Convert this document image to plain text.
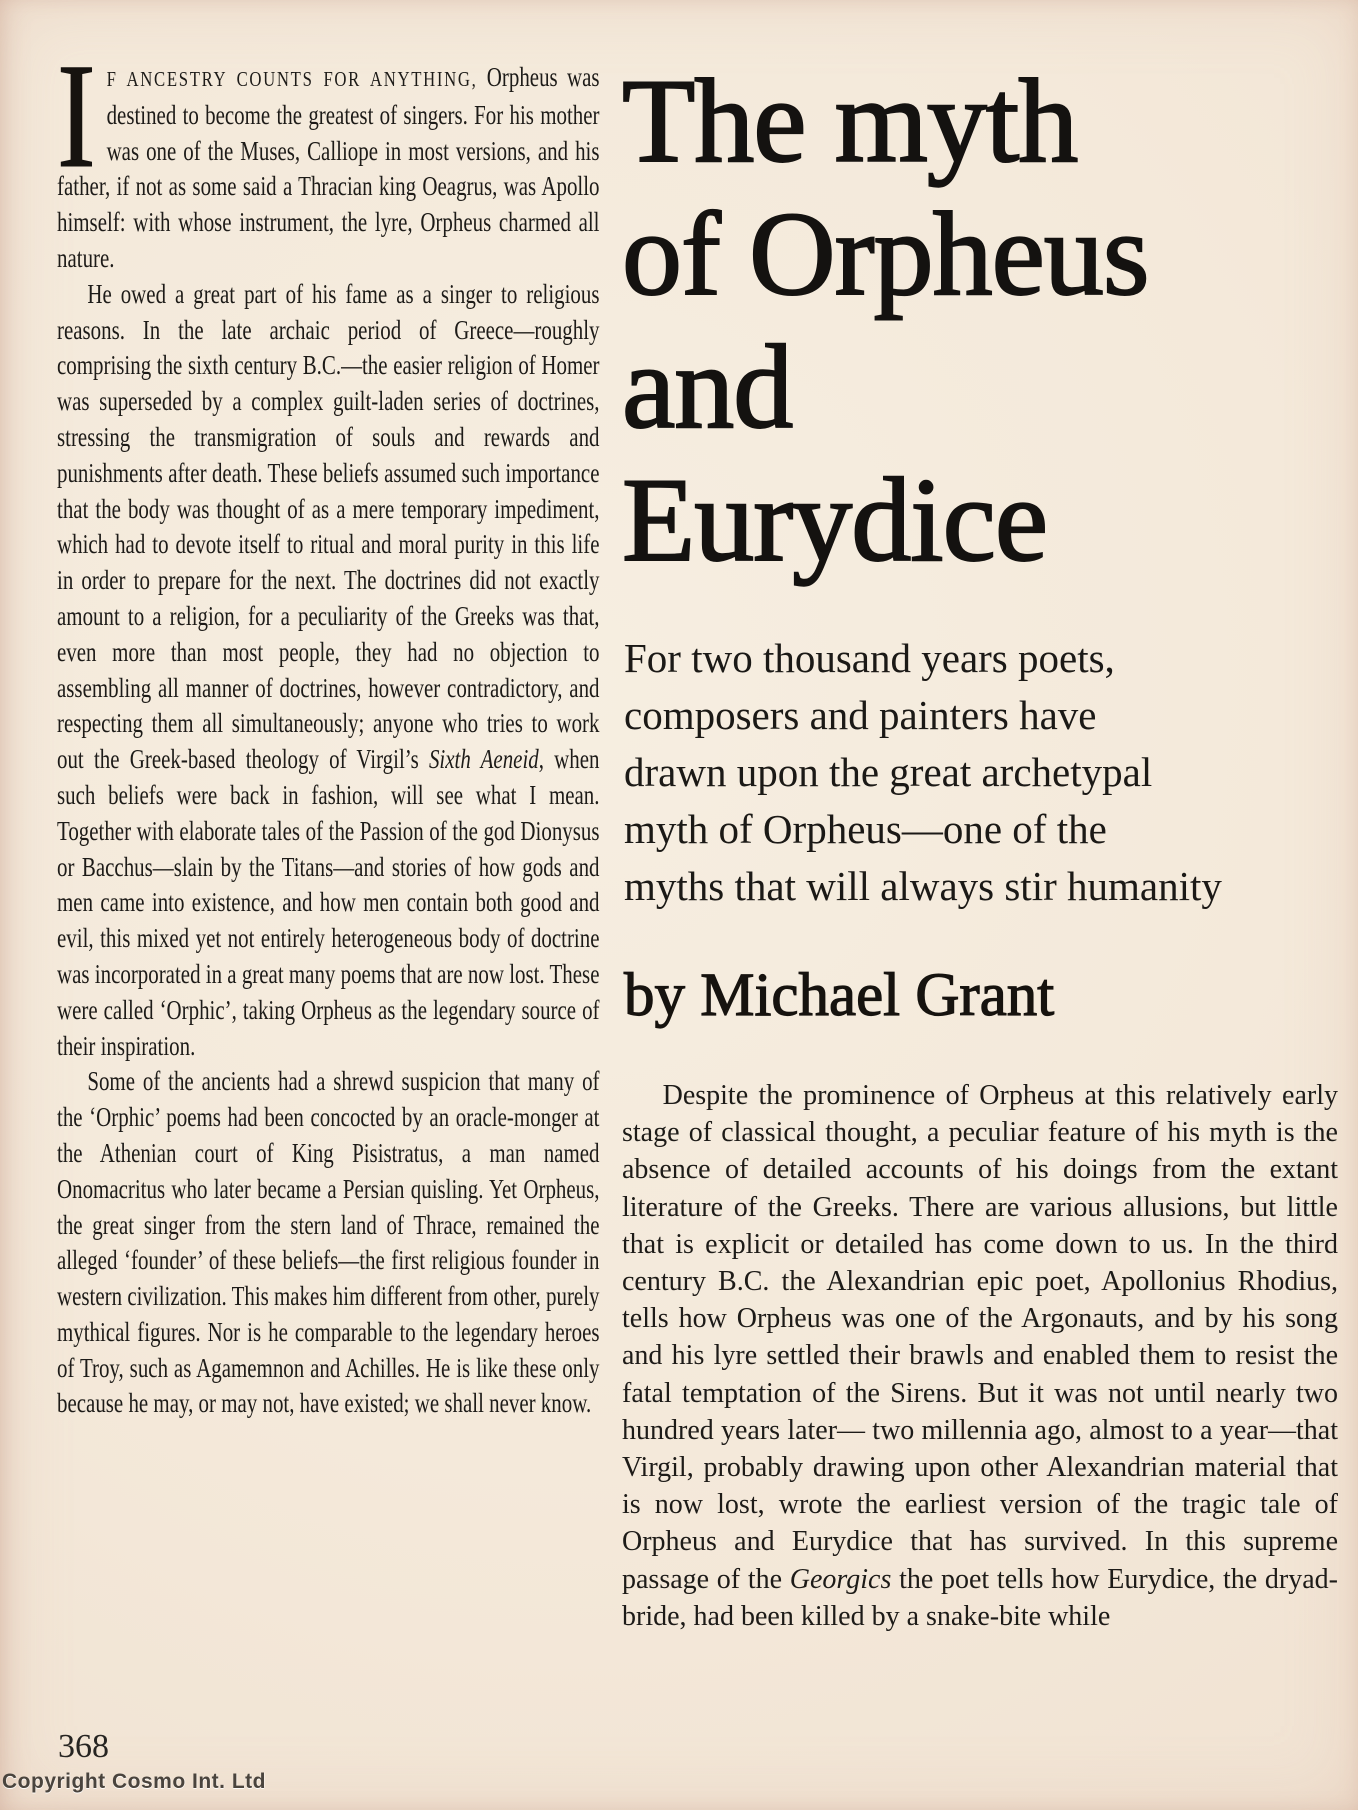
I F ANCESTRY COUNTS FOR ANYTHING, Orpheus was destined to become the greatest of singers. For his mother was one of the Muses, Calliope in most versions, and his father, if not as some said a Thracian king Oeagrus, was Apollo himself: with whose instrument, the lyre, Orpheus charmed all nature.

He owed a great part of his fame as a singer to religious reasons. In the late archaic period of Greece—roughly comprising the sixth century B.C.—the easier religion of Homer was superseded by a complex guilt-laden series of doctrines, stressing the transmigration of souls and rewards and punishments after death. These beliefs assumed such importance that the body was thought of as a mere temporary impediment, which had to devote itself to ritual and moral purity in this life in order to prepare for the next. The doctrines did not exactly amount to a religion, for a peculiarity of the Greeks was that, even more than most people, they had no objection to assembling all manner of doctrines, however contradictory, and respecting them all simultaneously; anyone who tries to work out the Greek-based theology of Virgil’s Sixth Aeneid, when such beliefs were back in fashion, will see what I mean. Together with elaborate tales of the Passion of the god Dionysus or Bacchus—slain by the Titans—and stories of how gods and men came into existence, and how men contain both good and evil, this mixed yet not entirely heterogeneous body of doctrine was incorporated in a great many poems that are now lost. These were called ‘Orphic’, taking Orpheus as the legendary source of their inspiration.

Some of the ancients had a shrewd suspicion that many of the ‘Orphic’ poems had been concocted by an oracle-monger at the Athenian court of King Pisistratus, a man named Onomacritus who later became a Persian quisling. Yet Orpheus, the great singer from the stern land of Thrace, remained the alleged ‘founder’ of these beliefs—the first religious founder in western civilization. This makes him different from other, purely mythical figures. Nor is he comparable to the legendary heroes of Troy, such as Agamemnon and Achilles. He is like these only because he may, or may not, have existed; we shall never know.

The myth
of Orpheus
and
Eurydice

For two thousand years poets,
composers and painters have
drawn upon the great archetypal
myth of Orpheus—one of the
myths that will always stir humanity

by Michael Grant

Despite the prominence of Orpheus at this relatively early stage of classical thought, a peculiar feature of his myth is the absence of detailed accounts of his doings from the extant literature of the Greeks. There are various allusions, but little that is explicit or detailed has come down to us. In the third century B.C. the Alexandrian epic poet, Apollonius Rhodius, tells how Orpheus was one of the Argonauts, and by his song and his lyre settled their brawls and enabled them to resist the fatal temptation of the Sirens. But it was not until nearly two hundred years later— two millennia ago, almost to a year—that Virgil, probably drawing upon other Alexandrian material that is now lost, wrote the earliest version of the tragic tale of Orpheus and Eurydice that has survived. In this supreme passage of the Georgics the poet tells how Eurydice, the dryad-bride, had been killed by a snake-bite while

368
Copyright Cosmo Int. Ltd
